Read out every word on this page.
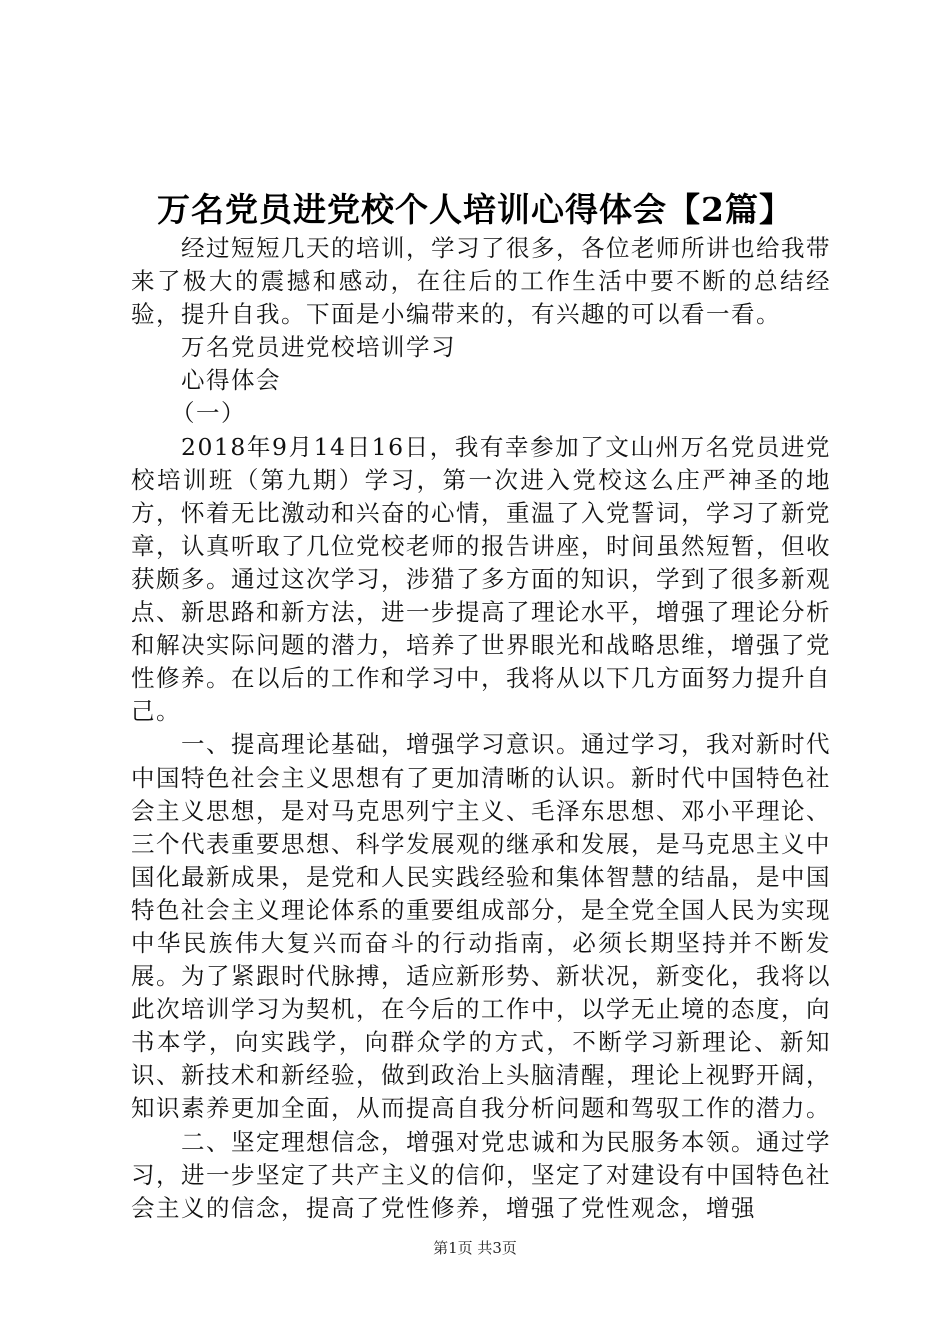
万名党员进党校个人培训心得体会【2篇】

经过短短几天的培训，学习了很多，各位老师所讲也给我带来了极大的震撼和感动，在往后的工作生活中要不断的总结经验，提升自我。下面是小编带来的，有兴趣的可以看一看。

万名党员进党校培训学习

心得体会

（一）

2018年9月14日16日，我有幸参加了文山州万名党员进党校培训班（第九期）学习，第一次进入党校这么庄严神圣的地方，怀着无比激动和兴奋的心情，重温了入党誓词，学习了新党章，认真听取了几位党校老师的报告讲座，时间虽然短暂，但收获颇多。通过这次学习，涉猎了多方面的知识，学到了很多新观点、新思路和新方法，进一步提高了理论水平，增强了理论分析和解决实际问题的潜力，培养了世界眼光和战略思维，增强了党性修养。在以后的工作和学习中，我将从以下几方面努力提升自己。

一、提高理论基础，增强学习意识。通过学习，我对新时代中国特色社会主义思想有了更加清晰的认识。新时代中国特色社会主义思想，是对马克思列宁主义、毛泽东思想、邓小平理论、三个代表重要思想、科学发展观的继承和发展，是马克思主义中国化最新成果，是党和人民实践经验和集体智慧的结晶，是中国特色社会主义理论体系的重要组成部分，是全党全国人民为实现中华民族伟大复兴而奋斗的行动指南，必须长期坚持并不断发展。为了紧跟时代脉搏，适应新形势、新状况，新变化，我将以此次培训学习为契机，在今后的工作中，以学无止境的态度，向书本学，向实践学，向群众学的方式，不断学习新理论、新知识、新技术和新经验，做到政治上头脑清醒，理论上视野开阔，知识素养更加全面，从而提高自我分析问题和驾驭工作的潜力。

二、坚定理想信念，增强对党忠诚和为民服务本领。通过学习，进一步坚定了共产主义的信仰，坚定了对建设有中国特色社会主义的信念，提高了党性修养，增强了党性观念，增强

第1页 共3页
